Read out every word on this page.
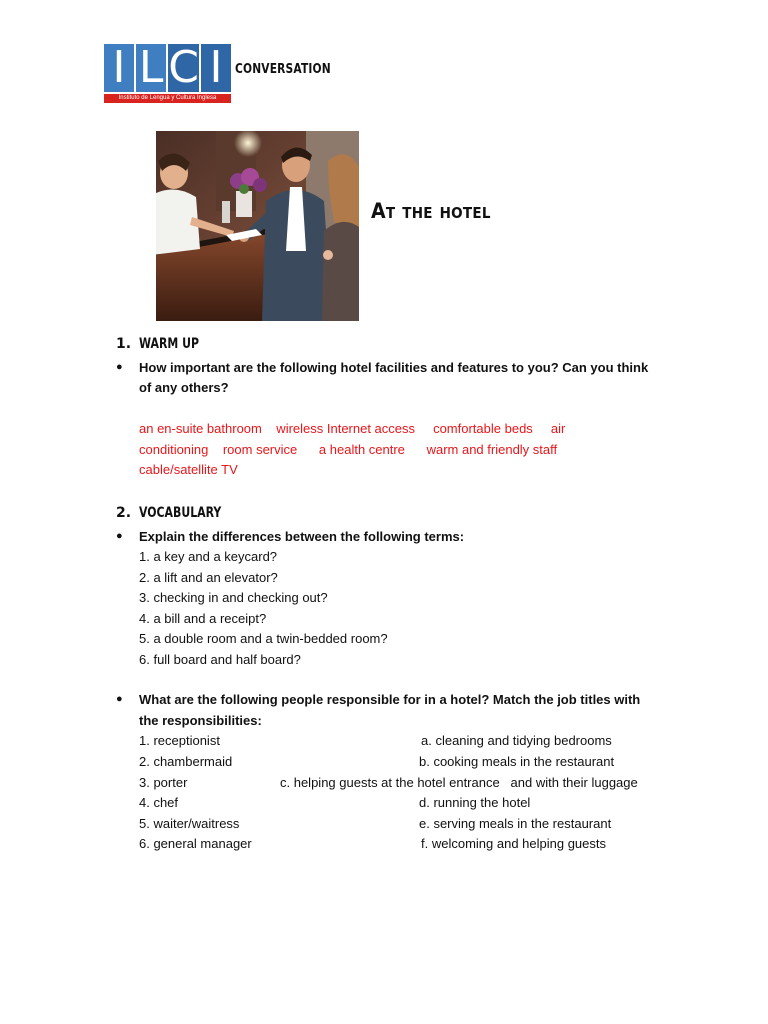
I L C I
Instituto de Lengua y Cultura Inglesa
CONVERSATION
At the hotel
1. WARM UP
● How important are the following hotel facilities and features to you? Can you think
of any others?
an en-suite bathroom    wireless Internet access     comfortable beds     air
conditioning    room service      a health centre      warm and friendly staff
cable/satellite TV
2. VOCABULARY
● Explain the differences between the following terms:
1. a key and a keycard?
2. a lift and an elevator?
3. checking in and checking out?
4. a bill and a receipt?
5. a double room and a twin-bedded room?
6. full board and half board?
● What are the following people responsible for in a hotel? Match the job titles with
the responsibilities:
1. receptionist
2. chambermaid
3. porter
4. chef
5. waiter/waitress
6. general manager
a. cleaning and tidying bedrooms
b. cooking meals in the restaurant
c. helping guests at the hotel entrance   and with their luggage
d. running the hotel
e. serving meals in the restaurant
f. welcoming and helping guests
